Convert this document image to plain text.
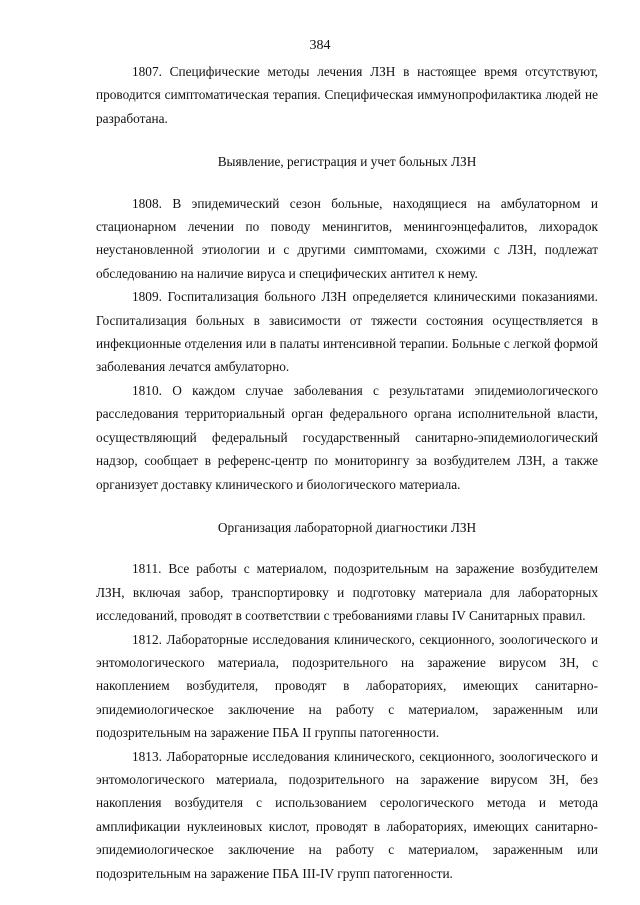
384

1807. Специфические методы лечения ЛЗН в настоящее время отсутствуют, проводится симптоматическая терапия. Специфическая иммунопрофилактика людей не разработана.

Выявление, регистрация и учет больных ЛЗН

1808. В эпидемический сезон больные, находящиеся на амбулаторном и стационарном лечении по поводу менингитов, менингоэнцефалитов, лихорадок неустановленной этиологии и с другими симптомами, схожими с ЛЗН, подлежат обследованию на наличие вируса и специфических антител к нему.

1809. Госпитализация больного ЛЗН определяется клиническими показаниями. Госпитализация больных в зависимости от тяжести состояния осуществляется в инфекционные отделения или в палаты интенсивной терапии. Больные с легкой формой заболевания лечатся амбулаторно.

1810. О каждом случае заболевания с результатами эпидемиологического расследования территориальный орган федерального органа исполнительной власти, осуществляющий федеральный государственный санитарно-эпидемиологический надзор, сообщает в референс-центр по мониторингу за возбудителем ЛЗН, а также организует доставку клинического и биологического материала.

Организация лабораторной диагностики ЛЗН

1811. Все работы с материалом, подозрительным на заражение возбудителем ЛЗН, включая забор, транспортировку и подготовку материала для лабораторных исследований, проводят в соответствии с требованиями главы IV Санитарных правил.

1812. Лабораторные исследования клинического, секционного, зоологического и энтомологического материала, подозрительного на заражение вирусом ЗН, с накоплением возбудителя, проводят в лабораториях, имеющих санитарно-эпидемиологическое заключение на работу с материалом, зараженным или подозрительным на заражение ПБА II группы патогенности.

1813. Лабораторные исследования клинического, секционного, зоологического и энтомологического материала, подозрительного на заражение вирусом ЗН, без накопления возбудителя с использованием серологического метода и метода амплификации нуклеиновых кислот, проводят в лабораториях, имеющих санитарно-эпидемиологическое заключение на работу с материалом, зараженным или подозрительным на заражение ПБА III-IV групп патогенности.
